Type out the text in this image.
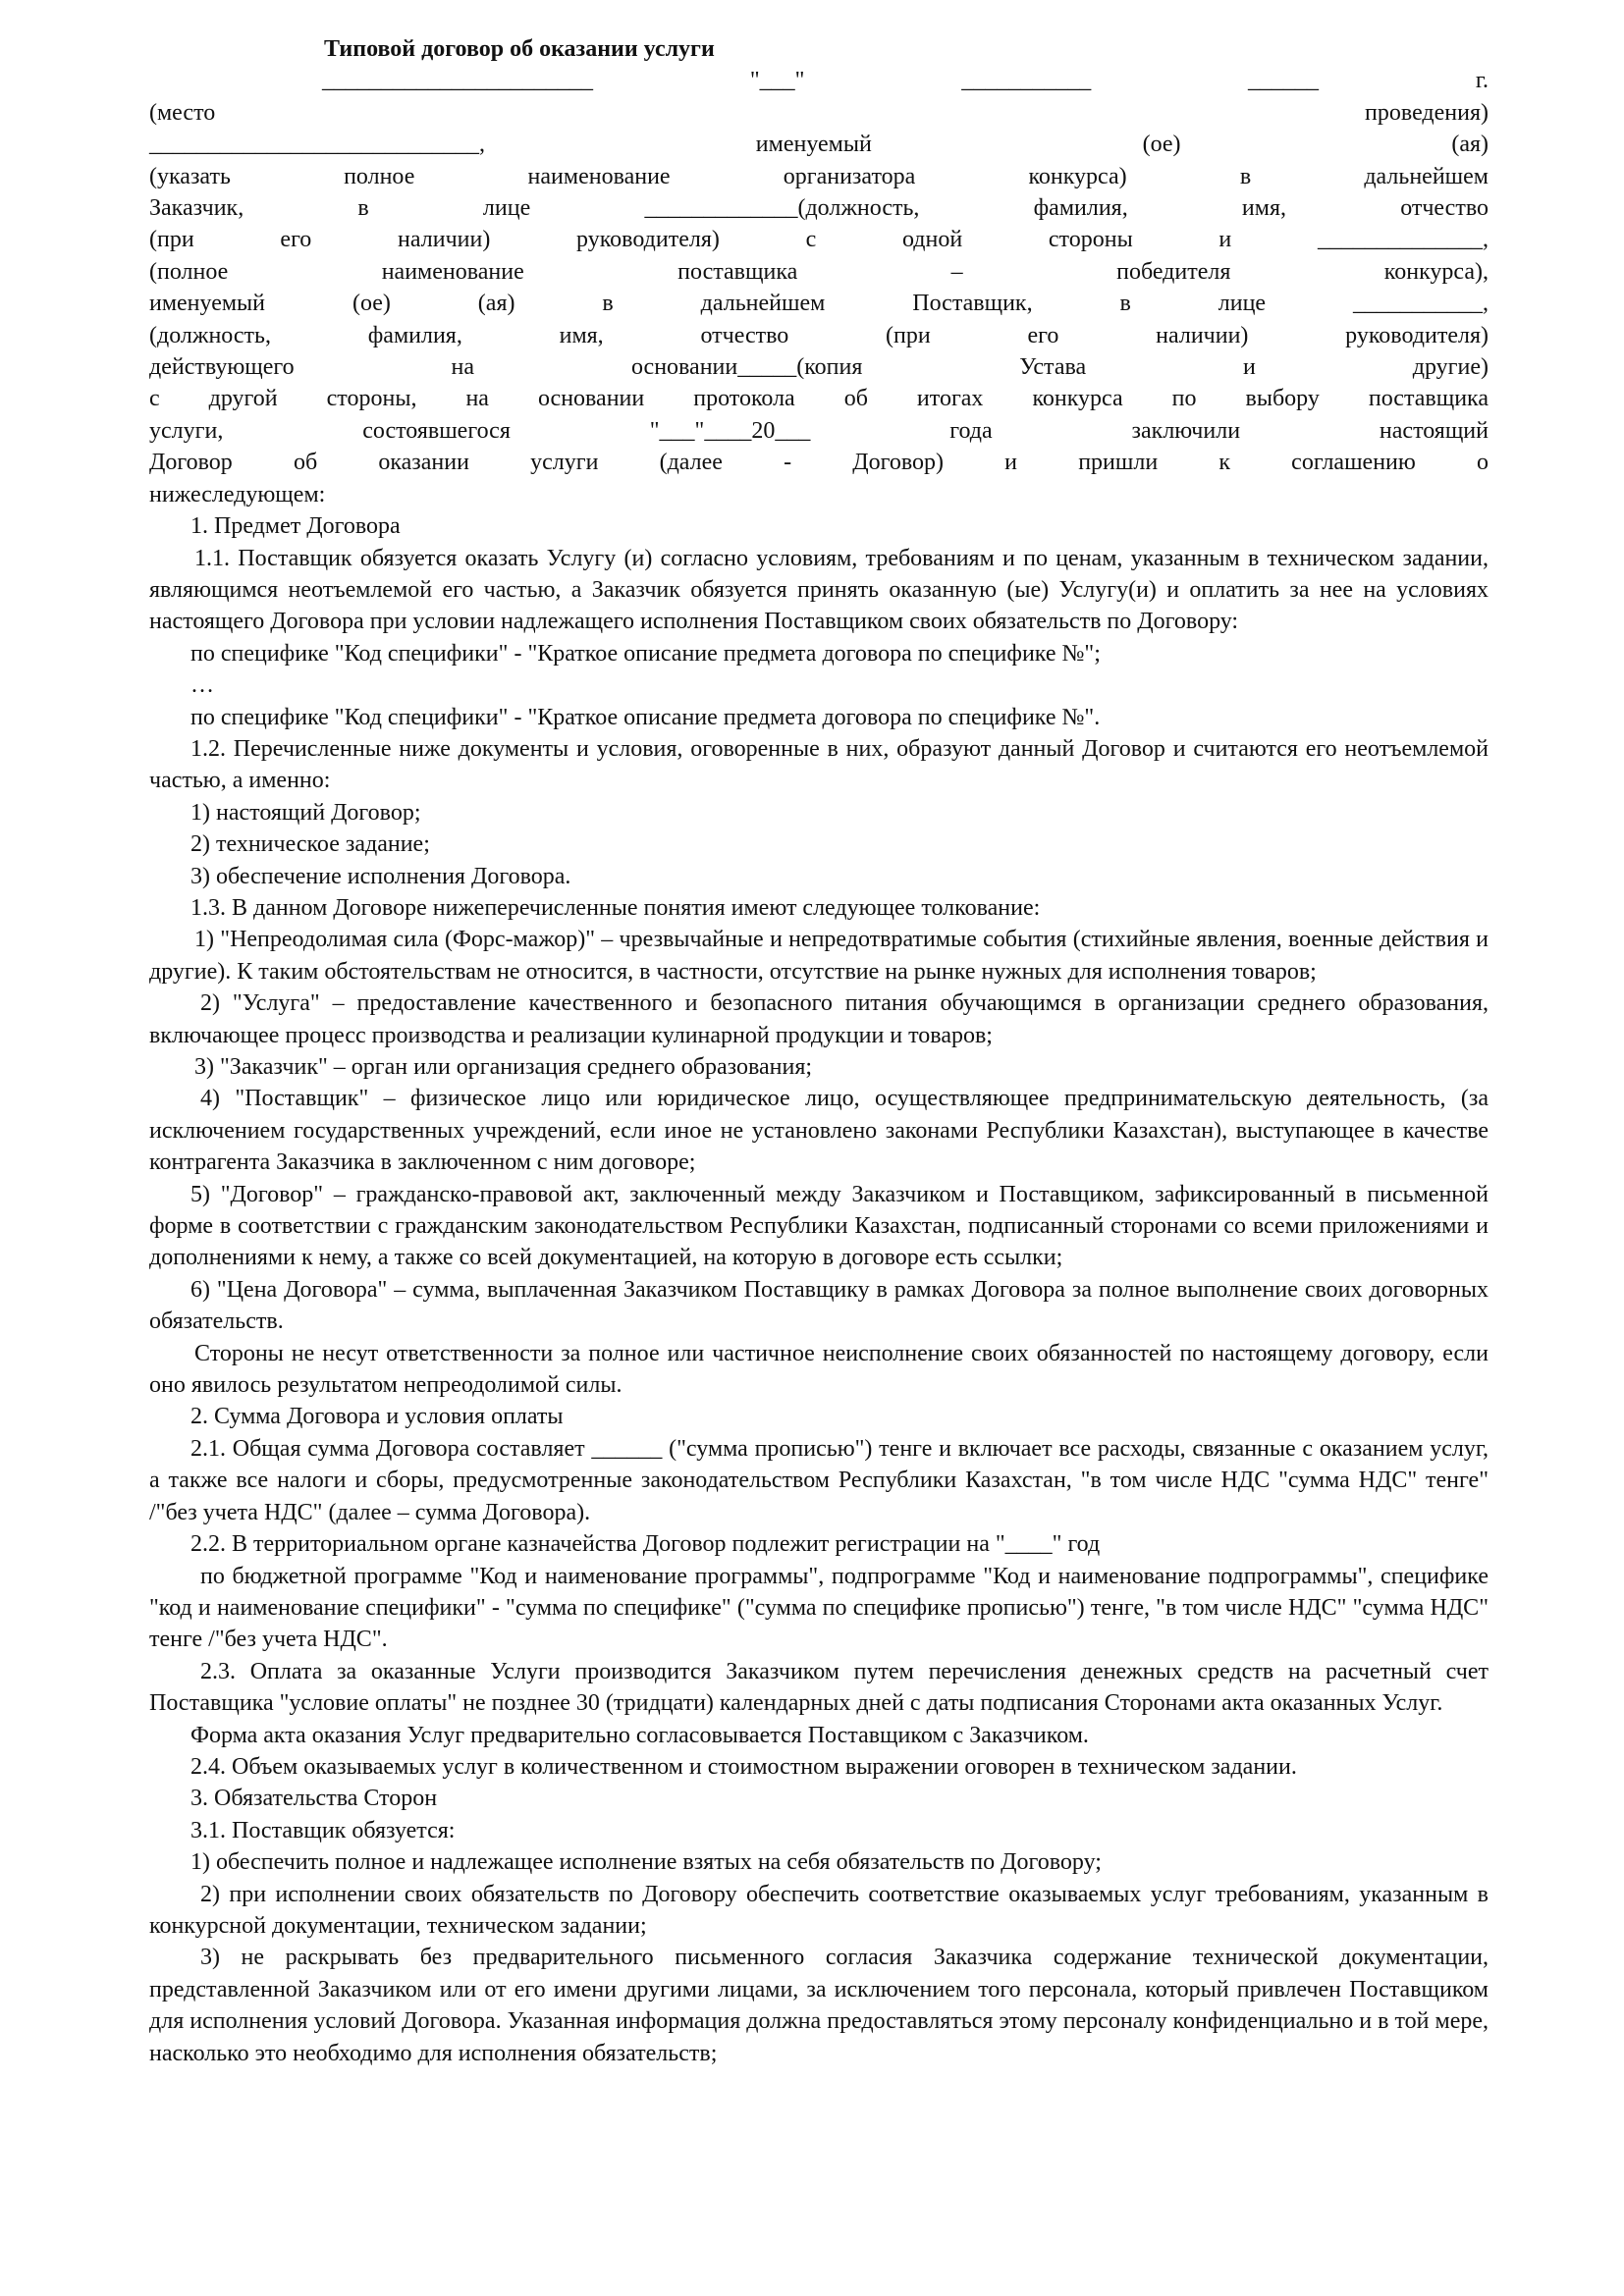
Типовой договор об оказании услуги

_______________________           "___"           ___________           ______           г.

(место проведения)

____________________________, именуемый (ое) (ая)

(указать полное наименование организатора конкурса) в дальнейшем

Заказчик, в лице _____________(должность, фамилия, имя, отчество

(при его наличии) руководителя) с одной стороны и ______________,

(полное наименование поставщика – победителя конкурса),

именуемый (ое) (ая) в дальнейшем Поставщик, в лице ___________,

(должность, фамилия, имя, отчество (при его наличии) руководителя)

действующего на основании_____(копия Устава и другие)

с другой стороны, на основании протокола об итогах конкурса по выбору поставщика

услуги, состоявшегося "___"____20___ года заключили настоящий

Договор об оказании услуги (далее - Договор) и пришли к соглашению о

нижеследующем:

1. Предмет Договора

1.1. Поставщик обязуется оказать Услугу (и) согласно условиям, требованиям и по ценам, указанным в техническом задании, являющимся неотъемлемой его частью, а Заказчик обязуется принять оказанную (ые) Услугу(и) и оплатить за нее на условиях настоящего Договора при условии надлежащего исполнения Поставщиком своих обязательств по Договору:

по специфике "Код специфики" - "Краткое описание предмета договора по специфике №";

…

по специфике "Код специфики" - "Краткое описание предмета договора по специфике №".

1.2. Перечисленные ниже документы и условия, оговоренные в них, образуют данный Договор и считаются его неотъемлемой частью, а именно:

1) настоящий Договор;

2) техническое задание;

3) обеспечение исполнения Договора.

1.3. В данном Договоре нижеперечисленные понятия имеют следующее толкование:

1) "Непреодолимая сила (Форс-мажор)" – чрезвычайные и непредотвратимые события (стихийные явления, военные действия и другие). К таким обстоятельствам не относится, в частности, отсутствие на рынке нужных для исполнения товаров;

2) "Услуга" – предоставление качественного и безопасного питания обучающимся в организации среднего образования, включающее процесс производства и реализации кулинарной продукции и товаров;

3) "Заказчик" – орган или организация среднего образования;

4) "Поставщик" – физическое лицо или юридическое лицо, осуществляющее предпринимательскую деятельность, (за исключением государственных учреждений, если иное не установлено законами Республики Казахстан), выступающее в качестве контрагента Заказчика в заключенном с ним договоре;

5) "Договор" – гражданско-правовой акт, заключенный между Заказчиком и Поставщиком, зафиксированный в письменной форме в соответствии с гражданским законодательством Республики Казахстан, подписанный сторонами со всеми приложениями и дополнениями к нему, а также со всей документацией, на которую в договоре есть ссылки;

6) "Цена Договора" – сумма, выплаченная Заказчиком Поставщику в рамках Договора за полное выполнение своих договорных обязательств.

Стороны не несут ответственности за полное или частичное неисполнение своих обязанностей по настоящему договору, если оно явилось результатом непреодолимой силы.

2. Сумма Договора и условия оплаты

2.1. Общая сумма Договора составляет ______ ("сумма прописью") тенге и включает все расходы, связанные с оказанием услуг, а также все налоги и сборы, предусмотренные законодательством Республики Казахстан, "в том числе НДС "сумма НДС" тенге" /"без учета НДС" (далее – сумма Договора).

2.2. В территориальном органе казначейства Договор подлежит регистрации на "____" год

по бюджетной программе "Код и наименование программы", подпрограмме "Код и наименование подпрограммы", специфике "код и наименование специфики" - "сумма по специфике" ("сумма по специфике прописью") тенге, "в том числе НДС" "сумма НДС" тенге /"без учета НДС".

2.3. Оплата за оказанные Услуги производится Заказчиком путем перечисления денежных средств на расчетный счет Поставщика "условие оплаты" не позднее 30 (тридцати) календарных дней с даты подписания Сторонами акта оказанных Услуг.

Форма акта оказания Услуг предварительно согласовывается Поставщиком с Заказчиком.

2.4. Объем оказываемых услуг в количественном и стоимостном выражении оговорен в техническом задании.

3. Обязательства Сторон

3.1. Поставщик обязуется:

1) обеспечить полное и надлежащее исполнение взятых на себя обязательств по Договору;

2) при исполнении своих обязательств по Договору обеспечить соответствие оказываемых услуг требованиям, указанным в конкурсной документации, техническом задании;

3) не раскрывать без предварительного письменного согласия Заказчика содержание технической документации, представленной Заказчиком или от его имени другими лицами, за исключением того персонала, который привлечен Поставщиком для исполнения условий Договора. Указанная информация должна предоставляться этому персоналу конфиденциально и в той мере, насколько это необходимо для исполнения обязательств;
